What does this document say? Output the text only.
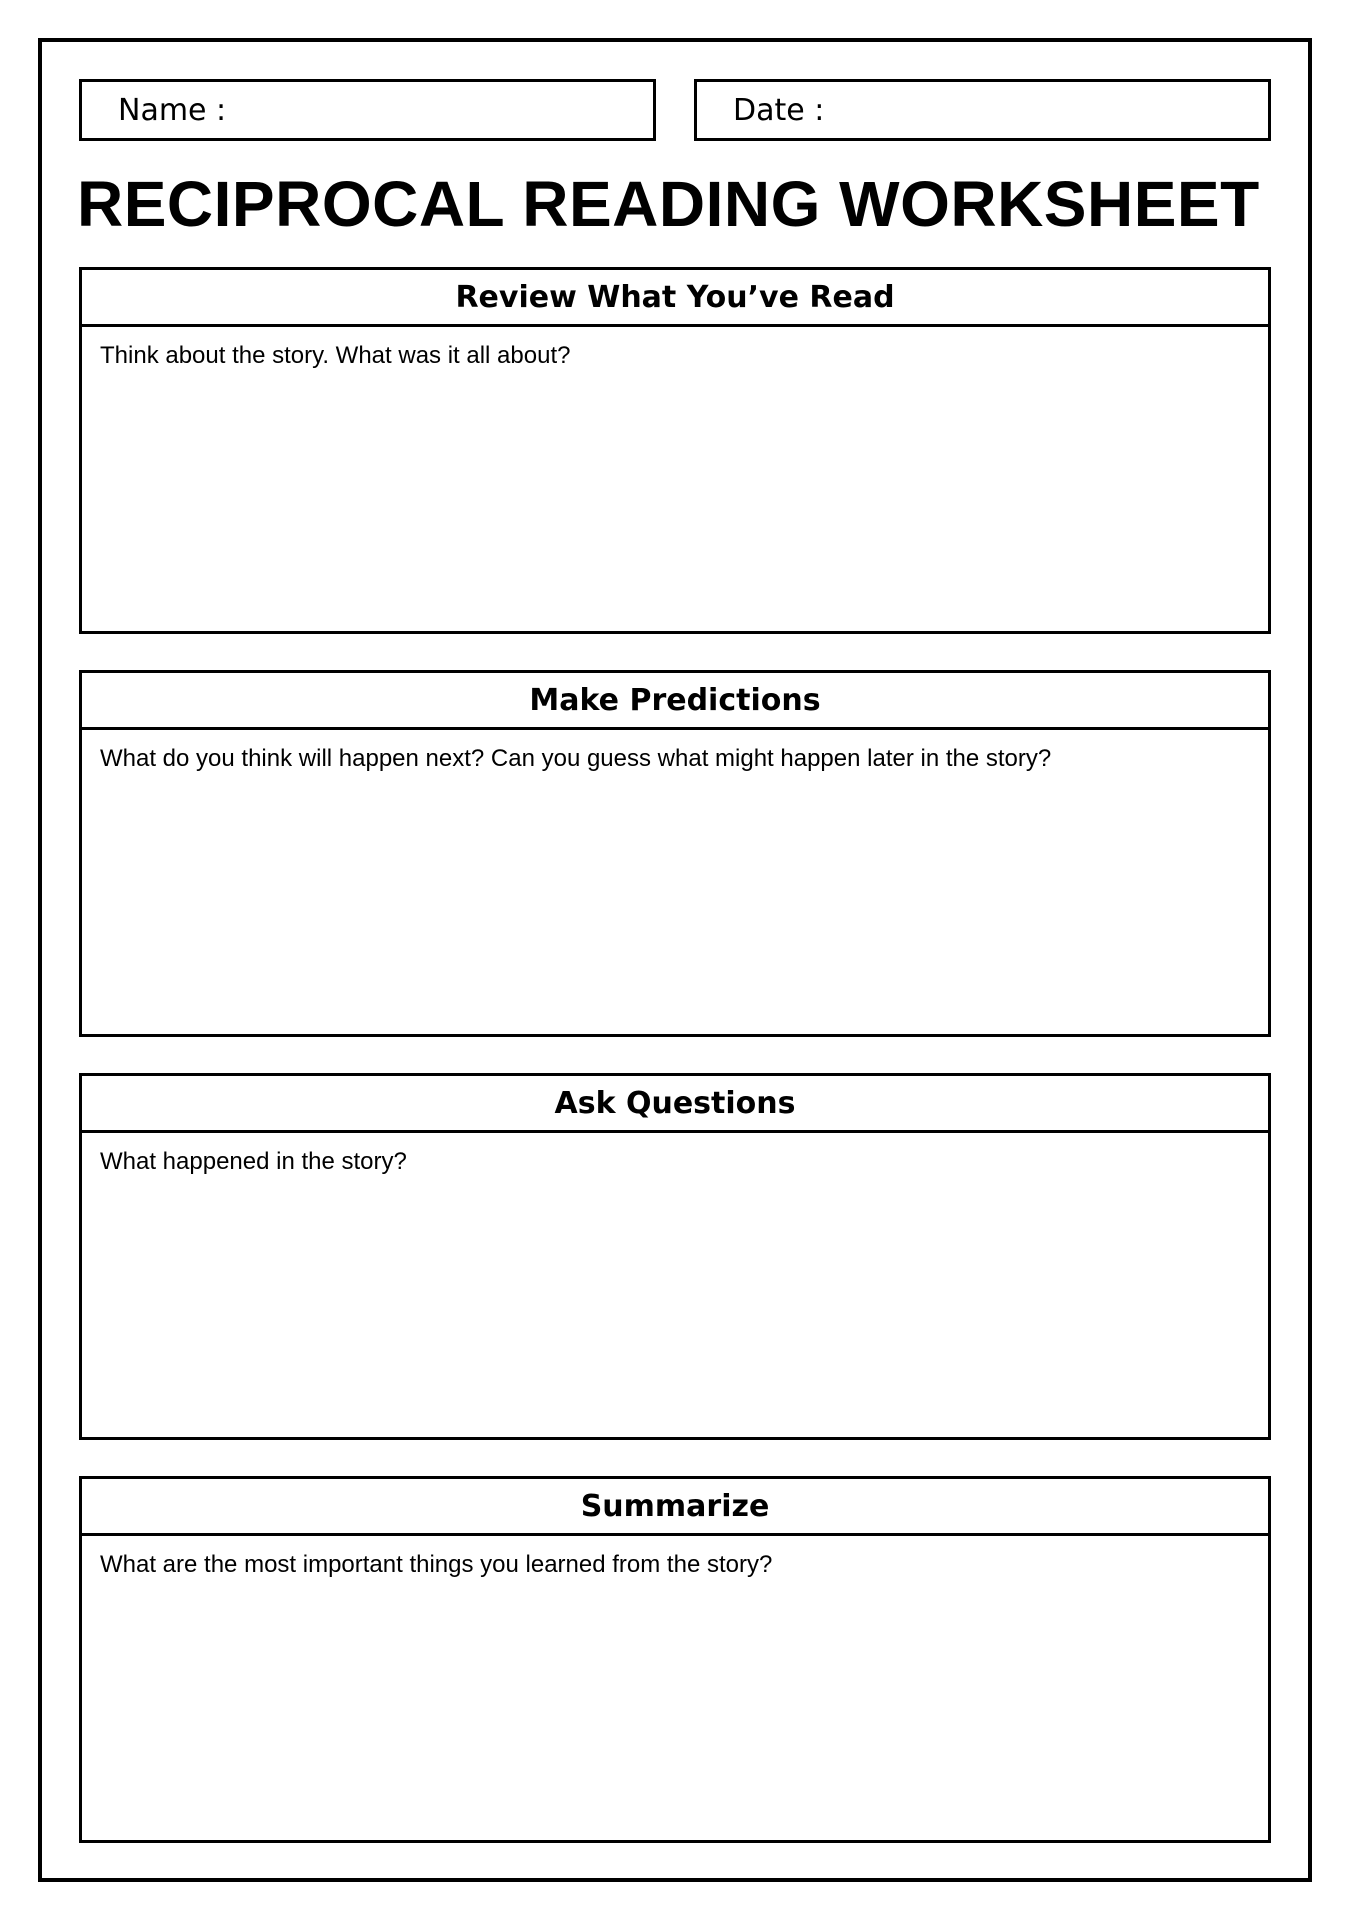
Name :	Date :
RECIPROCAL READING WORKSHEET
Review What You’ve Read
Think about the story. What was it all about?
Make Predictions
What do you think will happen next? Can you guess what might happen later in the story?
Ask Questions
What happened in the story?
Summarize
What are the most important things you learned from the story?
